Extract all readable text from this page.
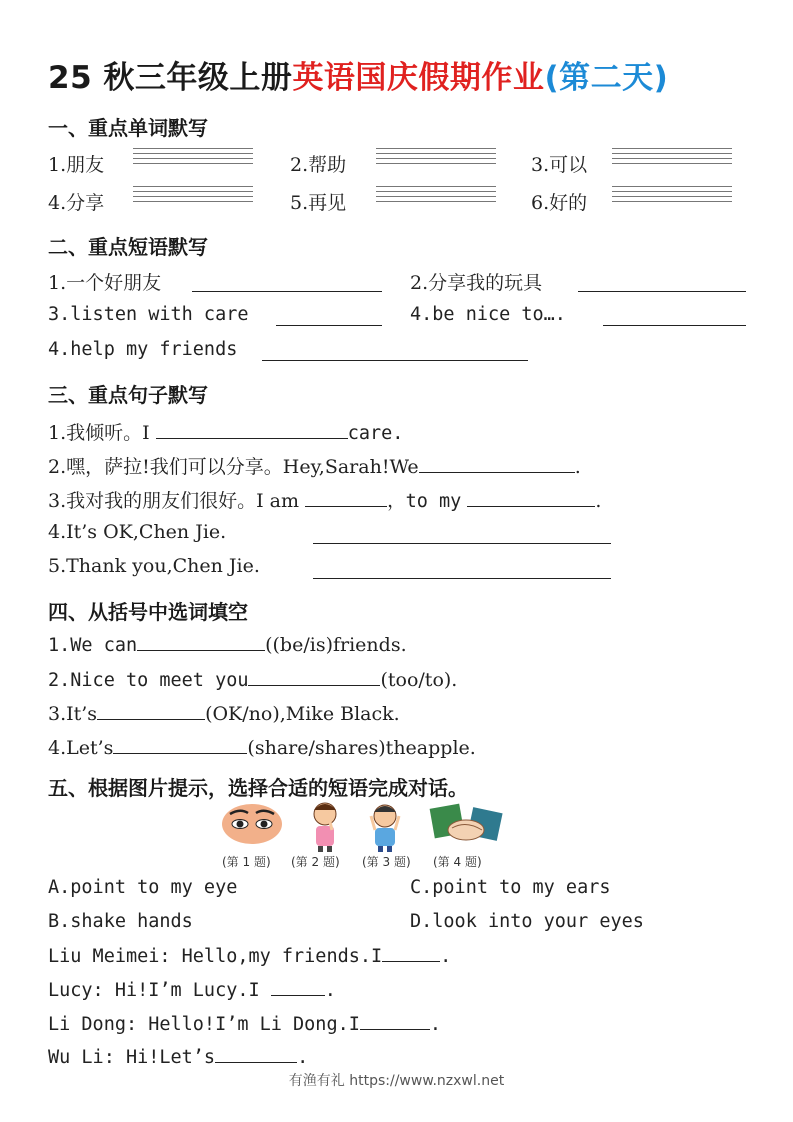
25 秋三年级上册英语国庆假期作业(第二天)
一、重点单词默写
1.朋友	2.帮助	3.可以
4.分享	5.再见	6.好的
二、重点短语默写
1.一个好朋友	2.分享我的玩具
3.listen with care	4.be nice to….
4.help my friends
三、重点句子默写
1.我倾听。I	care.
2.嘿，萨拉!我们可以分享。Hey,Sarah!We	.
3.我对我的朋友们很好。I am	，to my	.
4.It’s OK,Chen Jie.
5.Thank you,Chen Jie.
四、从括号中选词填空
1.We can	((be/is)friends.
2.Nice to meet you	(too/to).
3.It’s	(OK/no),Mike Black.
4.Let’s	(share/shares)theapple.
五、根据图片提示，选择合适的短语完成对话。
(第 1 题) (第 2 题) (第 3 题) (第 4 题)
A.point to my eye	C.point to my ears
B.shake hands	D.look into your eyes
Liu Meimei: Hello,my friends.I	.
Lucy: Hi!I’m Lucy.I	.
Li Dong: Hello!I’m Li Dong.I	.
Wu Li: Hi!Let’s	.
有渔有礼 https://www.nzxwl.net
